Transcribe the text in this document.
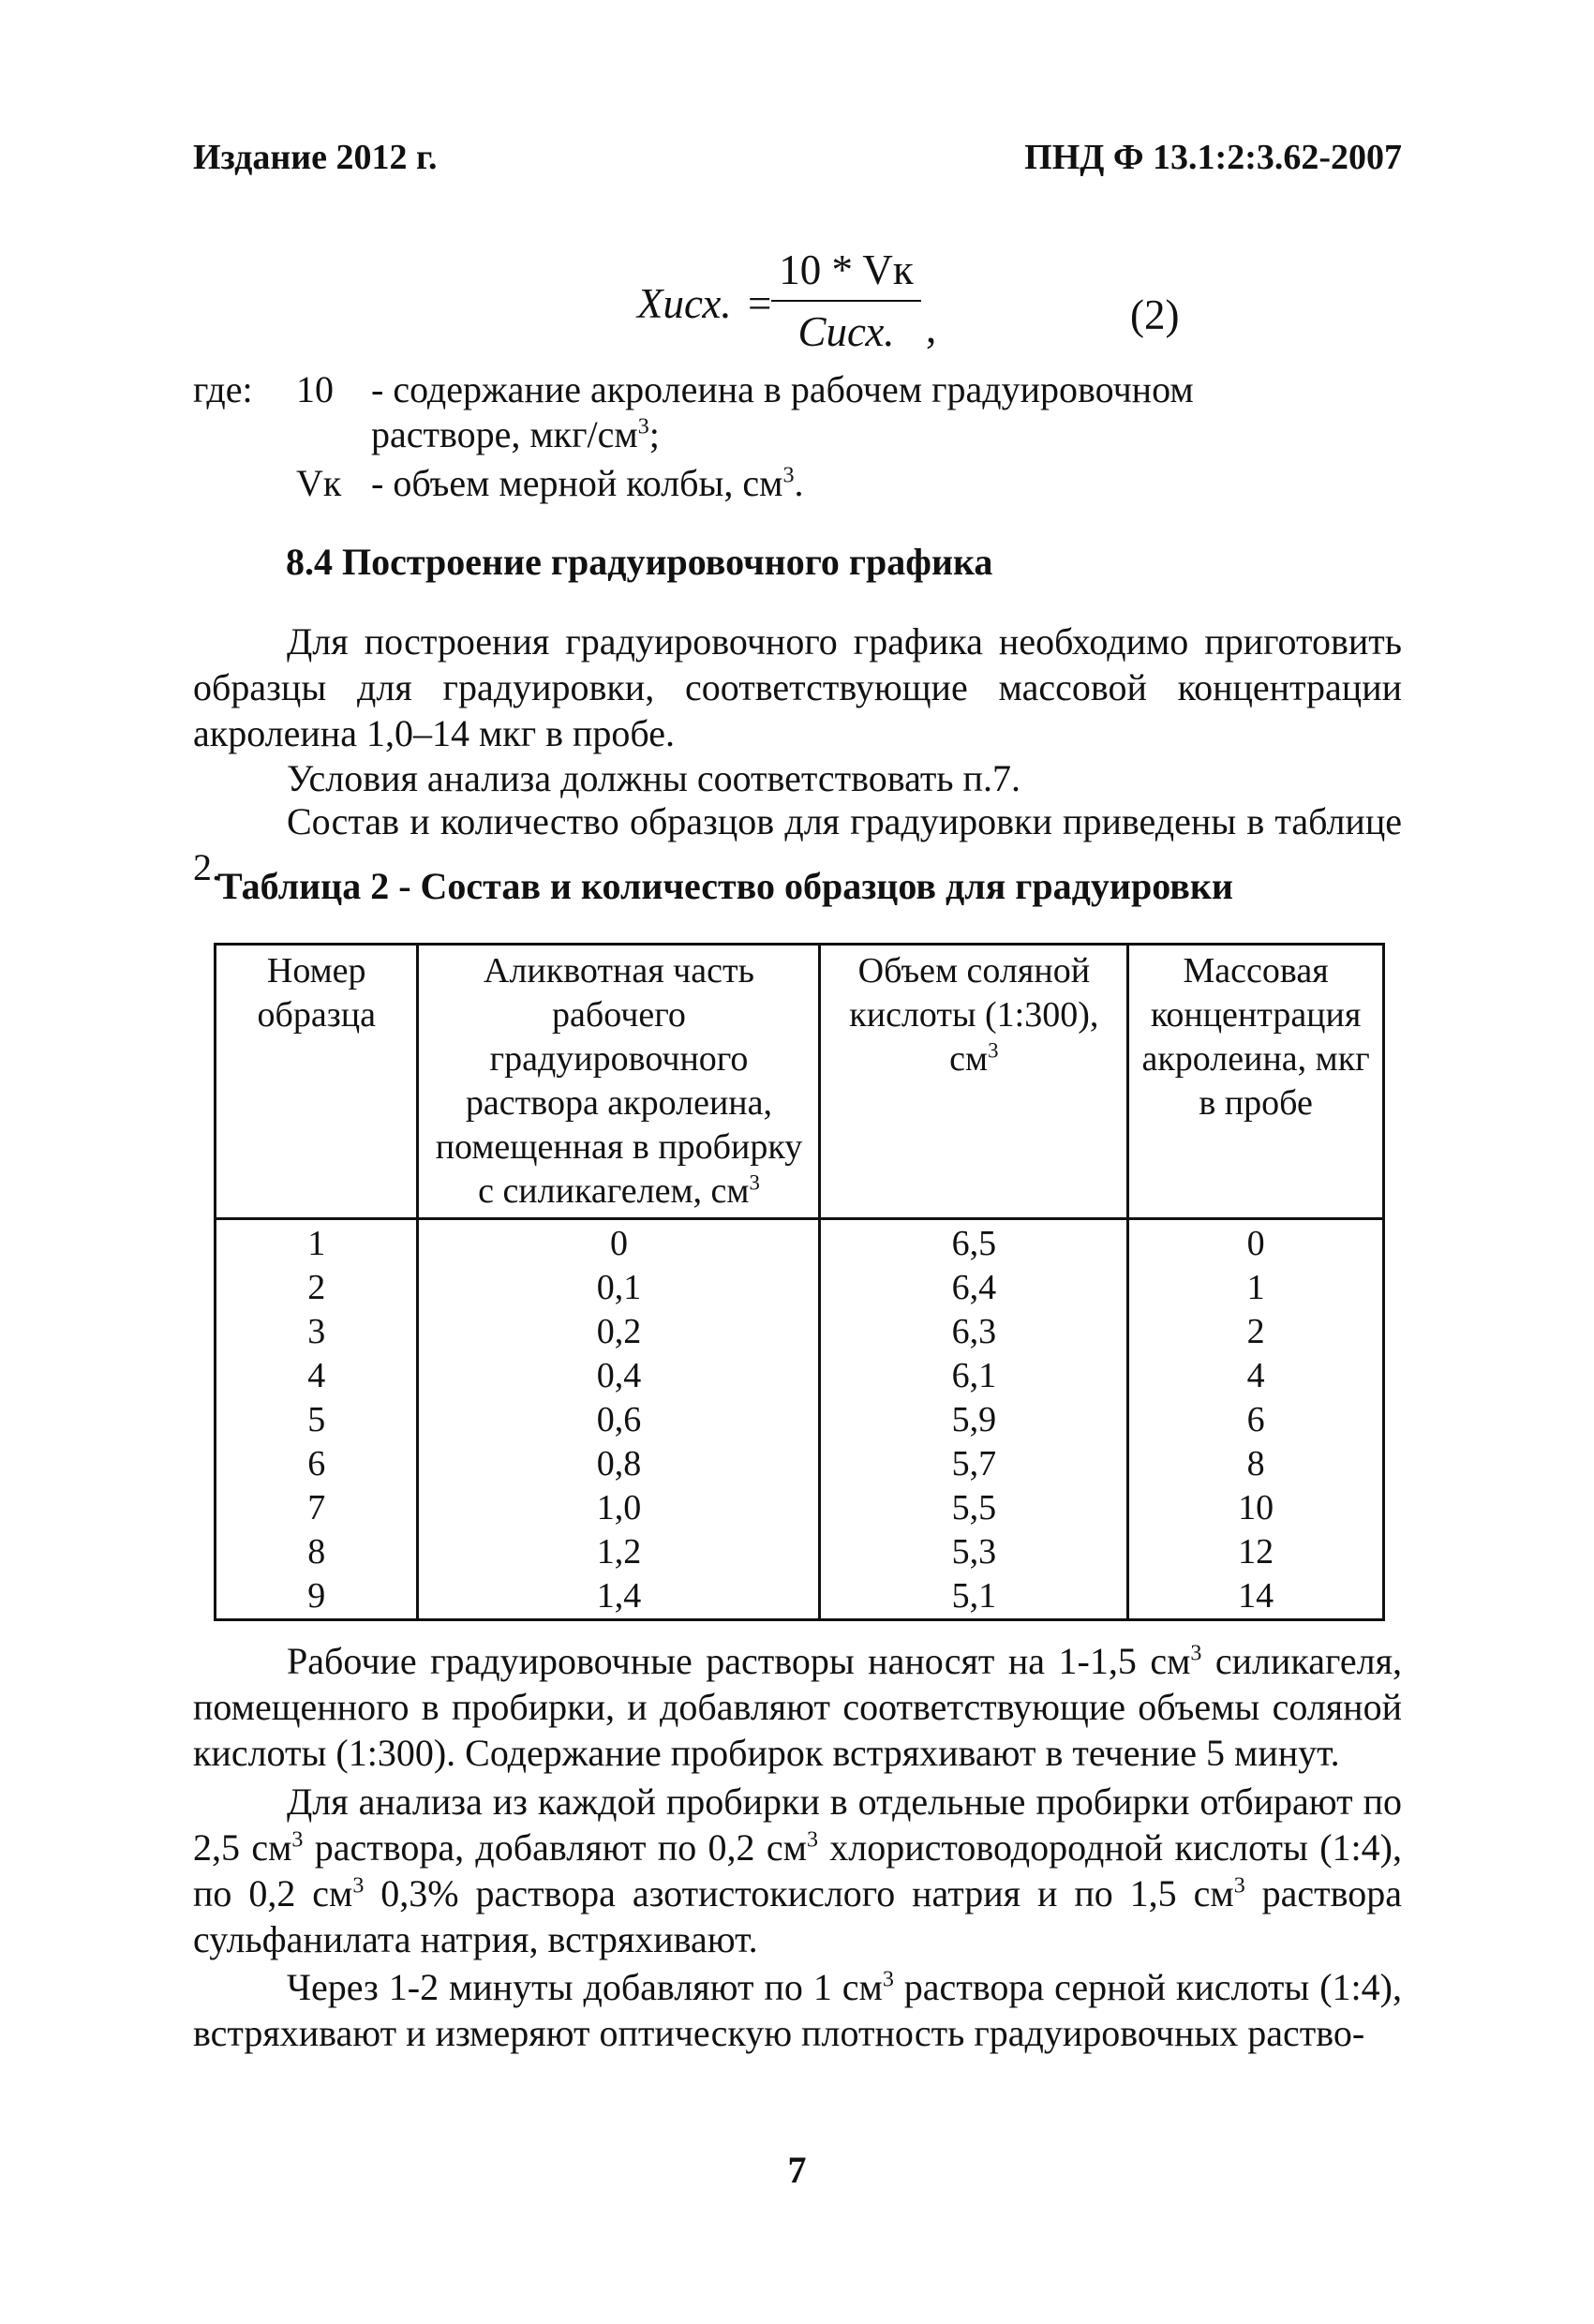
Издание 2012 г.	ПНД Ф 13.1:2:3.62-2007
Хисх. =
10 * Vк
Сисх. ,	(2)
где:	10 - содержание акролеина в рабочем градуировочном растворе, мкг/$см^3$;
Vк - объем мерной колбы, $см^3$.
8.4 Построение градуировочного графика
Для построения градуировочного графика необходимо приготовить образцы для градуировки, соответствующие массовой концентрации акролеина 1,0–14 мкг в пробе.
Условия анализа должны соответствовать п.7.
Состав и количество образцов для градуировки приведены в таблице 2.
Таблица 2 - Состав и количество образцов для градуировки
Номер образца	Аликвотная часть рабочего градуировочного раствора акролеина, помещенная в пробирку с силикагелем, $см^3$	Объем соляной кислоты (1:300), $см^3$	Массовая концентрация акролеина, мкг в пробе
1	0	6,5	0
2	0,1	6,4	1
3	0,2	6,3	2
4	0,4	6,1	4
5	0,6	5,9	6
6	0,8	5,7	8
7	1,0	5,5	10
8	1,2	5,3	12
9	1,4	5,1	14
Рабочие градуировочные растворы наносят на 1-1,5 $см^3$ силикагеля, помещенного в пробирки, и добавляют соответствующие объемы соляной кислоты (1:300). Содержание пробирок встряхивают в течение 5 минут.
Для анализа из каждой пробирки в отдельные пробирки отбирают по 2,5 $см^3$ раствора, добавляют по 0,2 $см^3$ хлористоводородной кислоты (1:4), по 0,2 $см^3$ 0,3% раствора азотистокислого натрия и по 1,5 $см^3$ раствора сульфанилата натрия, встряхивают.
Через 1-2 минуты добавляют по 1 $см^3$ раствора серной кислоты (1:4), встряхивают и измеряют оптическую плотность градуировочных раство-
7
